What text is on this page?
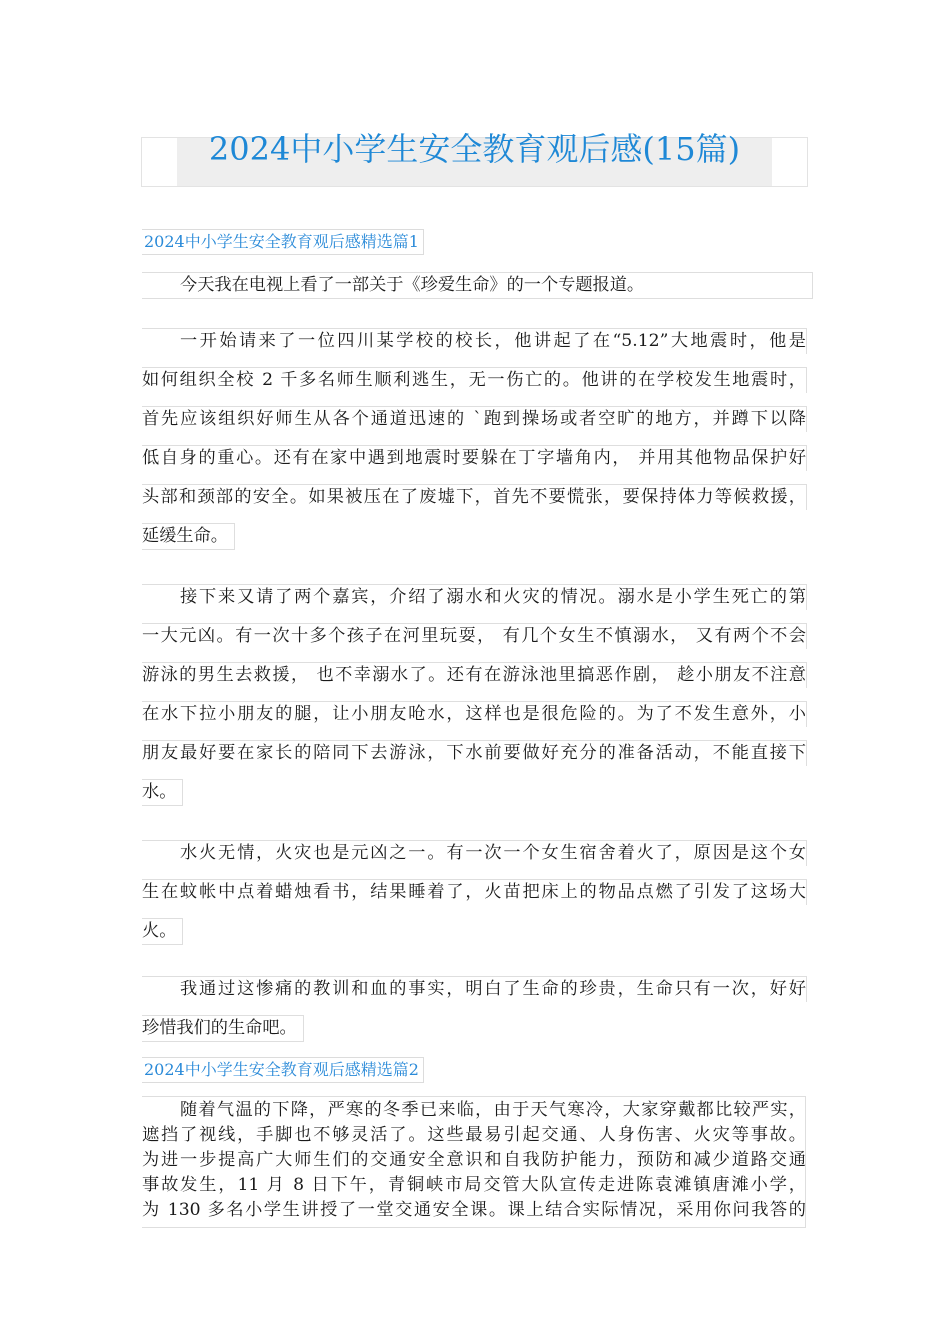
2024中小学生安全教育观后感(15篇)
2024中小学生安全教育观后感精选篇1
今天我在电视上看了一部关于《珍爱生命》的一个专题报道。
一开始请来了一位四川某学校的校长，他讲起了在“5.12”大地震时，他是
如何组织全校 2 千多名师生顺利逃生，无一伤亡的。他讲的在学校发生地震时，
首先应该组织好师生从各个通道迅速的 `跑到操场或者空旷的地方，并蹲下以降
低自身的重心。还有在家中遇到地震时要躲在丁字墙角内， 并用其他物品保护好
头部和颈部的安全。如果被压在了废墟下，首先不要慌张，要保持体力等候救援，
延缓生命。
接下来又请了两个嘉宾，介绍了溺水和火灾的情况。溺水是小学生死亡的第
一大元凶。有一次十多个孩子在河里玩耍， 有几个女生不慎溺水， 又有两个不会
游泳的男生去救援， 也不幸溺水了。还有在游泳池里搞恶作剧， 趁小朋友不注意
在水下拉小朋友的腿，让小朋友呛水，这样也是很危险的。为了不发生意外，小
朋友最好要在家长的陪同下去游泳，下水前要做好充分的准备活动，不能直接下
水。
水火无情，火灾也是元凶之一。有一次一个女生宿舍着火了，原因是这个女
生在蚊帐中点着蜡烛看书，结果睡着了，火苗把床上的物品点燃了引发了这场大
火。
我通过这惨痛的教训和血的事实，明白了生命的珍贵，生命只有一次，好好
珍惜我们的生命吧。
2024中小学生安全教育观后感精选篇2
随着气温的下降，严寒的冬季已来临，由于天气寒冷，大家穿戴都比较严实，
遮挡了视线，手脚也不够灵活了。这些最易引起交通、人身伤害、火灾等事故。
为进一步提高广大师生们的交通安全意识和自我防护能力，预防和减少道路交通
事故发生，11 月 8 日下午，青铜峡市局交管大队宣传走进陈袁滩镇唐滩小学，
为 130 多名小学生讲授了一堂交通安全课。课上结合实际情况，采用你问我答的
